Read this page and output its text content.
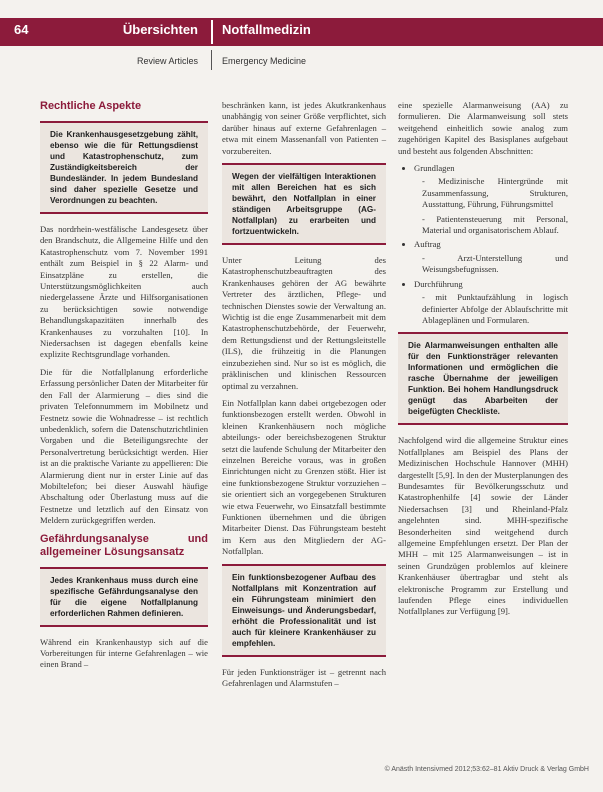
64	Übersichten Notfallmedizin
Review Articles	Emergency Medicine
Rechtliche Aspekte
Die Krankenhausgesetzgebung zählt, ebenso wie die für Rettungsdienst und Katastrophenschutz, zum Zuständigkeitsbereich der Bundesländer. In jedem Bundesland sind daher spezielle Gesetze und Verordnungen zu beachten.

Das nordrhein-westfälische Landesgesetz über den Brandschutz, die Allgemeine Hilfe und den Katastrophenschutz vom 7. November 1991 enthält zum Beispiel in § 22 Alarm- und Einsatzpläne zu erstellen, die Unterstützungsmöglichkeiten auch niedergelassene Ärzte und Hilfsorganisationen zu berücksichtigen sowie notwendige Behandlungskapazitäten innerhalb des Krankenhauses zu vorzuhalten [10]. In Niedersachsen ist dagegen ebenfalls keine explizite Rechtsgrundlage vorhanden.

Die für die Notfallplanung erforderliche Erfassung persönlicher Daten der Mitarbeiter für den Fall der Alarmierung – dies sind die privaten Telefonnummern im Mobilnetz und Festnetz sowie die Wohnadresse – ist rechtlich unbedenklich, sofern die Datenschutzrichtlinien Vorgaben und die Beteiligungsrechte der Personalvertretung berücksichtigt werden. Hier ist an die praktische Variante zu appellieren: Die Alarmierung dient nur in erster Linie auf das Mobiltelefon; bei dieser Auswahl häufige Abschaltung oder Überlastung muss auf die Festnetze und letztlich auf den Einsatz von Meldern zurückgegriffen werden.

Gefährdungsanalyse und allgemeiner Lösungsansatz
Jedes Krankenhaus muss durch eine spezifische Gefährdungsanalyse den für die eigene Notfallplanung erforderlichen Rahmen definieren.

Während ein Krankenhaustyp sich auf die Vorbereitungen für interne Gefahrenlagen – wie einen Brand –

beschränken kann, ist jedes Akutkrankenhaus unabhängig von seiner Größe verpflichtet, sich darüber hinaus auf externe Gefahrenlagen – etwa mit einem Massenanfall von Patienten – vorzubereiten.

Wegen der vielfältigen Interaktionen mit allen Bereichen hat es sich bewährt, den Notfallplan in einer ständigen Arbeitsgruppe (AG-Notfallplan) zu erarbeiten und fortzuentwickeln.

Unter Leitung des Katastrophenschutzbeauftragten des Krankenhauses gehören der AG bewährte Vertreter des ärztlichen, Pflege- und technischen Dienstes sowie der Verwaltung an. Wichtig ist die enge Zusammenarbeit mit dem Katastrophenschutzbehörde, der Feuerwehr, dem Rettungsdienst und der Rettungsleitstelle (ILS), die frühzeitig in die Planungen einzubeziehen sind. Nur so ist es möglich, die präklinischen und klinischen Ressourcen optimal zu verzahnen.

Ein Notfallplan kann dabei ortgebezogen oder funktionsbezogen erstellt werden. Obwohl in kleinen Krankenhäusern noch mögliche abteilungs- oder bereichsbezogenen Struktur setzt die laufende Schulung der Mitarbeiter den einzelnen Bereiche voraus, was in großen Einrichtungen nicht zu Grenzen stößt. Hier ist eine funktionsbezogene Struktur vorzuziehen – sie orientiert sich an vorgegebenen Strukturen wie etwa Feuerwehr, wo Einsatzfall bestimmte Funktionen übernehmen und die übrigen Mitarbeiter Dienst. Das Führungsteam besteht im Kern aus den Mitgliedern der AG-Notfallplan.

Ein funktionsbezogener Aufbau des Notfallplans mit Konzentration auf ein Führungsteam minimiert den Einweisungs- und Änderungsbedarf, erhöht die Professionalität und ist auch für kleinere Krankenhäuser zu empfehlen.

Für jeden Funktionsträger ist – getrennt nach Gefahrenlagen und Alarmstufen –

eine spezielle Alarmanweisung (AA) zu formulieren. Die Alarmanweisung soll stets weitgehend einheitlich sowie analog zum zugehörigen Kapitel des Basisplanes aufgebaut und besteht aus folgenden Abschnitten:

• Grundlagen
- Medizinische Hintergründe mit Zusammenfassung, Strukturen, Ausstattung, Führung, Führungsmittel
- Patientensteuerung mit Personal, Material und organisatorischem Ablauf.
• Auftrag
- Arzt-Unterstellung und Weisungsbefugnissen.
• Durchführung
- mit Punktaufzählung in logisch definierter Abfolge der Ablaufschritte mit Ablageplänen und Formularen.
Die Alarmanweisungen enthalten alle für den Funktionsträger relevanten Informationen und ermöglichen die rasche Übernahme der jeweiligen Funktion. Bei hohem Handlungsdruck genügt das Abarbeiten der beigefügten Checkliste.

Nachfolgend wird die allgemeine Struktur eines Notfallplanes am Beispiel des Plans der Medizinischen Hochschule Hannover (MHH) dargestellt [5,9]. In den der Musterplanungen des Bundesamtes für Bevölkerungsschutz und Katastrophenhilfe [4] sowie der Länder Niedersachsen [3] und Rheinland-Pfalz angelehnten sind. MHH-spezifische Besonderheiten sind weitgehend durch allgemeine Empfehlungen ersetzt. Der Plan der MHH – mit 125 Alarmanweisungen – ist in seinen Grundzügen problemlos auf kleinere Krankenhäuser übertragbar und steht als elektronische Programm zur Erstellung und laufenden Pflege eines individuellen Notfallplanes zur Verfügung [9].

© Anästh Intensivmed 2012;53:62–81 Aktiv Druck & Verlag GmbH
